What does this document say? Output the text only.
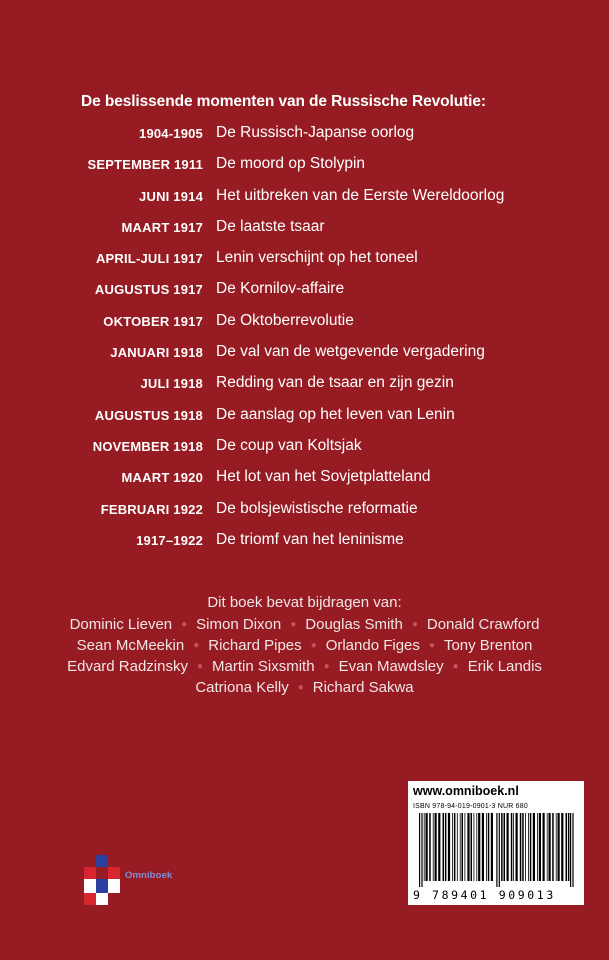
De beslissende momenten van de Russische Revolutie:
1904-1905 De Russisch-Japanse oorlog
SEPTEMBER 1911 De moord op Stolypin
JUNI 1914 Het uitbreken van de Eerste Wereldoorlog
MAART 1917 De laatste tsaar
APRIL-JULI 1917 Lenin verschijnt op het toneel
AUGUSTUS 1917 De Kornilov-affaire
OKTOBER 1917 De Oktoberrevolutie
JANUARI 1918 De val van de wetgevende vergadering
JULI 1918 Redding van de tsaar en zijn gezin
AUGUSTUS 1918 De aanslag op het leven van Lenin
NOVEMBER 1918 De coup van Koltsjak
MAART 1920 Het lot van het Sovjetplatteland
FEBRUARI 1922 De bolsjewistische reformatie
1917–1922 De triomf van het leninisme
Dit boek bevat bijdragen van:
Dominic Lieven ● Simon Dixon ● Douglas Smith ● Donald Crawford
Sean McMeekin ● Richard Pipes ● Orlando Figes ● Tony Brenton
Edvard Radzinsky ● Martin Sixsmith ● Evan Mawdsley ● Erik Landis
Catriona Kelly ● Richard Sakwa
www.omniboek.nl
ISBN 978-94-019-0901-3 NUR 680
9 789401 909013
Omniboek
